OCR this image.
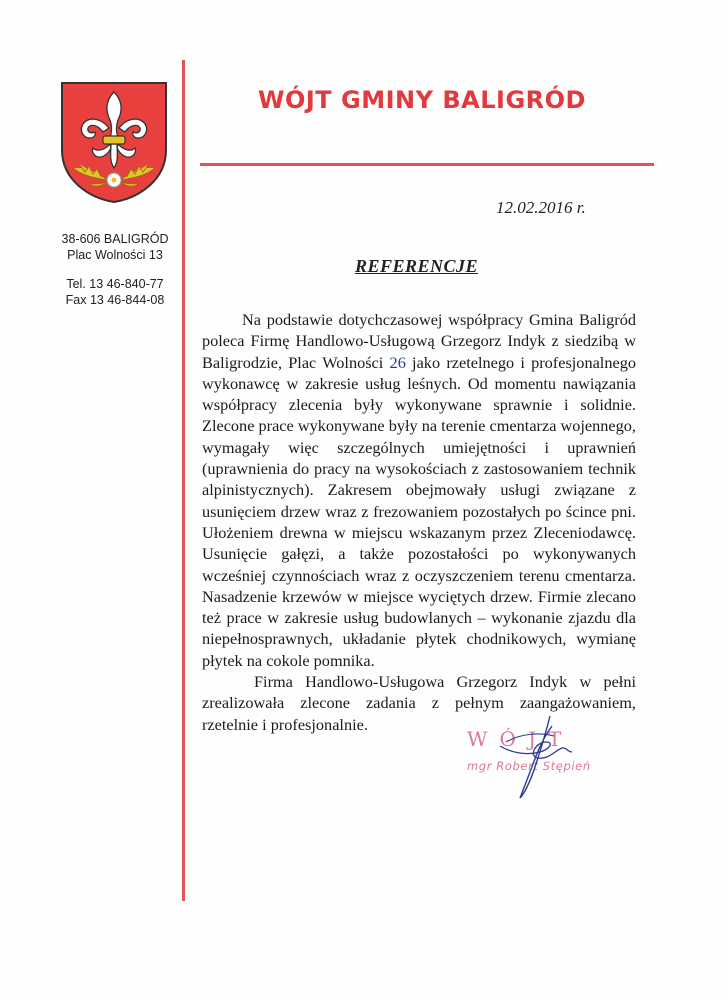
38-606 BALIGRÓD
Plac Wolności 13
Tel. 13 46-840-77
Fax 13 46-844-08
WÓJT GMINY BALIGRÓD
12.02.2016 r.
REFERENCJE

Na podstawie dotychczasowej współpracy Gmina Baligród poleca Firmę Handlowo-Usługową Grzegorz Indyk z siedzibą w Baligrodzie, Plac Wolności 26 jako rzetelnego i profesjonalnego wykonawcę w zakresie usług leśnych. Od momentu nawiązania współpracy zlecenia były wykonywane sprawnie i solidnie. Zlecone prace wykonywane były na terenie cmentarza wojennego, wymagały więc szczególnych umiejętności i uprawnień (uprawnienia do pracy na wysokościach z zastosowaniem technik alpinistycznych). Zakresem obejmowały usługi związane z usunięciem drzew wraz z frezowaniem pozostałych po ścince pni. Ułożeniem drewna w miejscu wskazanym przez Zleceniodawcę. Usunięcie gałęzi, a także pozostałości po wykonywanych wcześniej czynnościach wraz z oczyszczeniem terenu cmentarza. Nasadzenie krzewów w miejsce wyciętych drzew. Firmie zlecano też prace w zakresie usług budowlanych – wykonanie zjazdu dla niepełnosprawnych, układanie płytek chodnikowych, wymianę płytek na cokole pomnika.

Firma Handlowo-Usługowa Grzegorz Indyk w pełni zrealizowała zlecone zadania z pełnym zaangażowaniem, rzetelnie i profesjonalnie.

WÓJT
mgr Robert Stępień
